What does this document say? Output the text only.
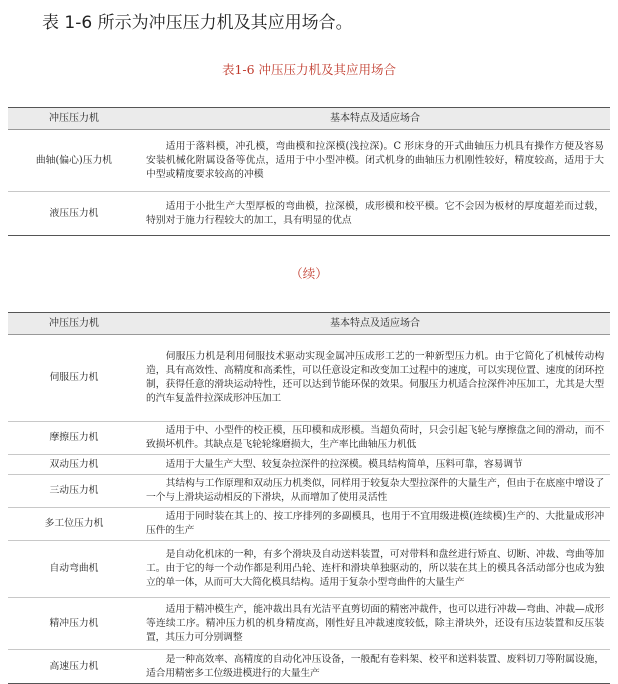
表 1-6 所示为冲压压力机及其应用场合。
表1-6 冲压压力机及其应用场合
冲压压力机	基本特点及适应场合
曲轴(偏心)压力机	适用于落料模，冲孔模，弯曲模和拉深模(浅拉深)。C 形床身的开式曲轴压力机具有操作方便及容易安装机械化附属设备等优点，适用于中小型冲模。闭式机身的曲轴压力机刚性较好，精度较高，适用于大中型或精度要求较高的冲模
液压压力机	适用于小批生产大型厚板的弯曲模，拉深模，成形模和校平模。它不会因为板材的厚度超差而过载，特别对于施力行程较大的加工，具有明显的优点
（续）
冲压压力机	基本特点及适应场合
伺服压力机	伺服压力机是利用伺服技术驱动实现金属冲压成形工艺的一种新型压力机。由于它简化了机械传动构造，具有高效性、高精度和高柔性，可以任意设定和改变加工过程中的速度，可以实现位置、速度的闭环控制，获得任意的滑块运动特性，还可以达到节能环保的效果。伺服压力机适合拉深件冲压加工，尤其是大型的汽车复盖件拉深成形冲压加工
摩擦压力机	适用于中、小型件的校正模，压印模和成形模。当超负荷时，只会引起飞轮与摩擦盘之间的滑动，而不致损坏机件。其缺点是飞轮轮缘磨损大，生产率比曲轴压力机低
双动压力机	适用于大量生产大型、较复杂拉深件的拉深模。模具结构简单，压料可靠，容易调节
三动压力机	其结构与工作原理和双动压力机类似，同样用于较复杂大型拉深件的大量生产，但由于在底座中增设了一个与上滑块运动相反的下滑块，从而增加了使用灵活性
多工位压力机	适用于同时装在其上的、按工序排列的多副模具，也用于不宜用级进模(连续模)生产的、大批量成形冲压件的生产
自动弯曲机	是自动化机床的一种，有多个滑块及自动送料装置，可对带料和盘丝进行矫直、切断、冲裁、弯曲等加工。由于它的每一个动作都是利用凸轮、连杆和滑块单独驱动的，所以装在其上的模具各活动部分也成为独立的单一体，从而可大大简化模具结构。适用于复杂小型弯曲件的大量生产
精冲压力机	适用于精冲模生产，能冲裁出具有光洁平直剪切面的精密冲裁件，也可以进行冲裁—弯曲、冲裁—成形等连续工序。精冲压力机的机身精度高，刚性好且冲裁速度较低，除主滑块外，还设有压边装置和反压装置，其压力可分别调整
高速压力机	是一种高效率、高精度的自动化冲压设备，一般配有卷料架、校平和送料装置、废料切刀等附属设施，适合用精密多工位级进模进行的大量生产
